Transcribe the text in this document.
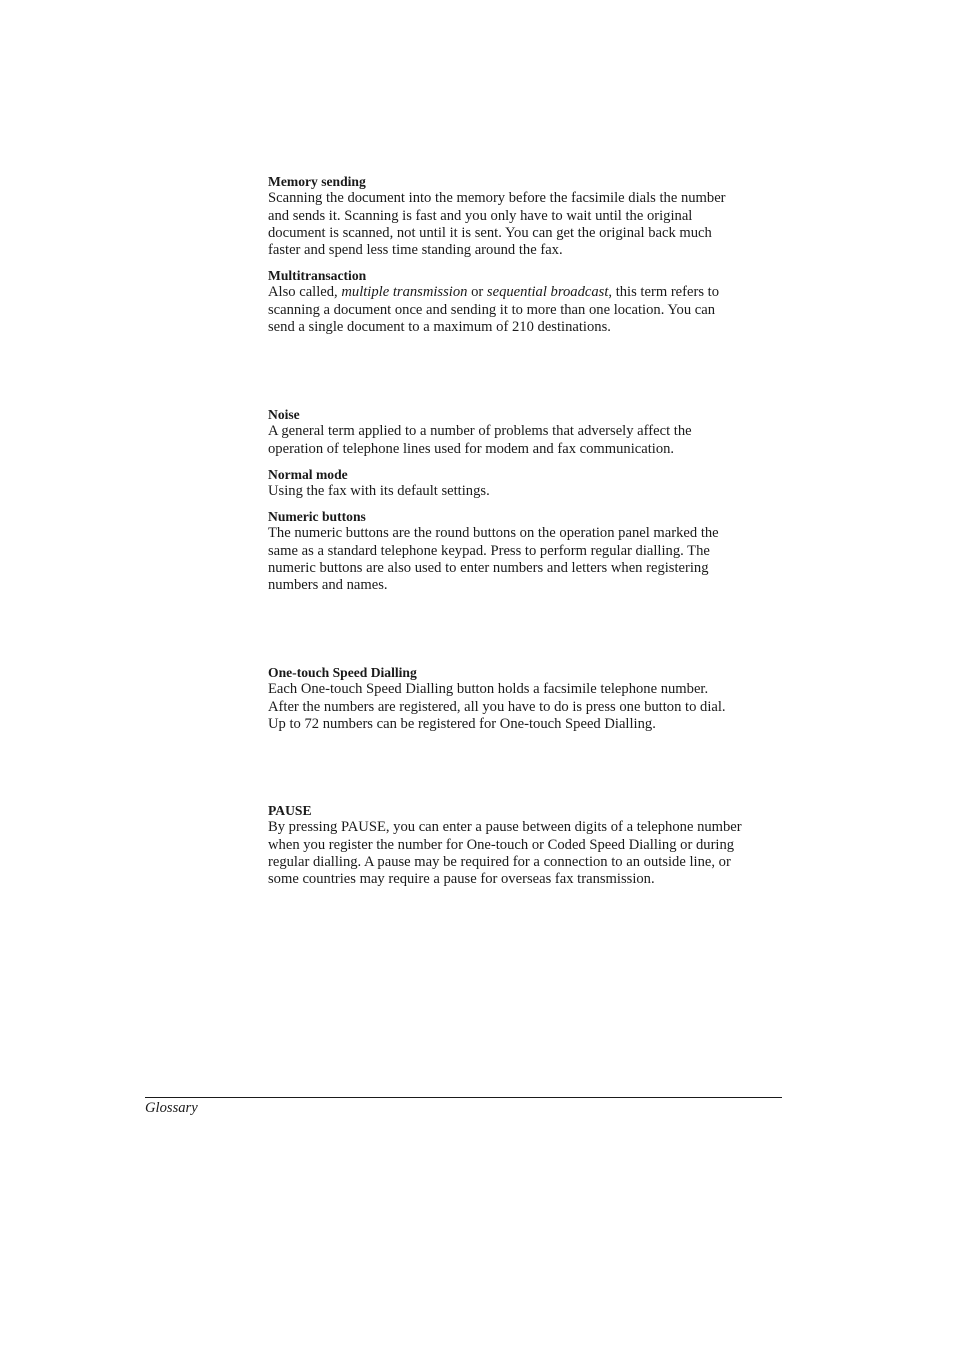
Memory sending
Scanning the document into the memory before the facsimile dials the number
and sends it. Scanning is fast and you only have to wait until the original
document is scanned, not until it is sent. You can get the original back much
faster and spend less time standing around the fax.
Multitransaction
Also called, multiple transmission or sequential broadcast, this term refers to
scanning a document once and sending it to more than one location. You can
send a single document to a maximum of 210 destinations.
Noise
A general term applied to a number of problems that adversely affect the
operation of telephone lines used for modem and fax communication.
Normal mode
Using the fax with its default settings.
Numeric buttons
The numeric buttons are the round buttons on the operation panel marked the
same as a standard telephone keypad. Press to perform regular dialling. The
numeric buttons are also used to enter numbers and letters when registering
numbers and names.
One-touch Speed Dialling
Each One-touch Speed Dialling button holds a facsimile telephone number.
After the numbers are registered, all you have to do is press one button to dial.
Up to 72 numbers can be registered for One-touch Speed Dialling.
PAUSE
By pressing PAUSE, you can enter a pause between digits of a telephone number
when you register the number for One-touch or Coded Speed Dialling or during
regular dialling. A pause may be required for a connection to an outside line, or
some countries may require a pause for overseas fax transmission.
Glossary
